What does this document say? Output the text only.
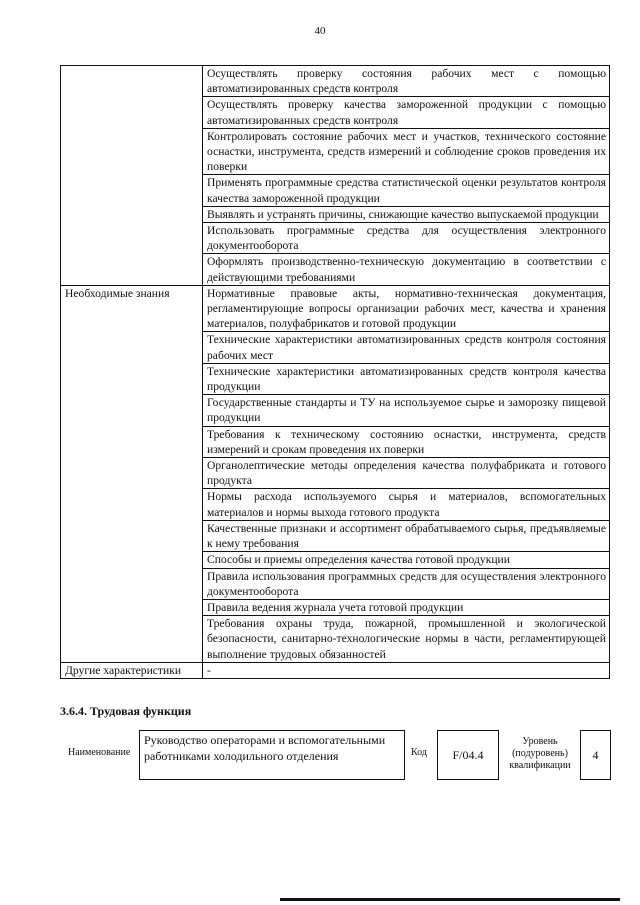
40
	Осуществлять проверку состояния рабочих мест с помощью автоматизированных средств контроля
	Осуществлять проверку качества замороженной продукции с помощью автоматизированных средств контроля
	Контролировать состояние рабочих мест и участков, технического состояние оснастки, инструмента, средств измерений и соблюдение сроков проведения их поверки
	Применять программные средства статистической оценки результатов контроля качества замороженной продукции
	Выявлять и устранять причины, снижающие качество выпускаемой продукции
	Использовать программные средства для осуществления электронного документооборота
	Оформлять производственно-техническую документацию в соответствии с действующими требованиями
Необходимые знания	Нормативные правовые акты, нормативно-техническая документация, регламентирующие вопросы организации рабочих мест, качества и хранения материалов, полуфабрикатов и готовой продукции
	Технические характеристики автоматизированных средств контроля состояния рабочих мест
	Технические характеристики автоматизированных средств контроля качества продукции
	Государственные стандарты и ТУ на используемое сырье и заморозку пищевой продукции
	Требования к техническому состоянию оснастки, инструмента, средств измерений и срокам проведения их поверки
	Органолептические методы определения качества полуфабриката и готового продукта
	Нормы расхода используемого сырья и материалов, вспомогательных материалов и нормы выхода готового продукта
	Качественные признаки и ассортимент обрабатываемого сырья, предъявляемые к нему требования
	Способы и приемы определения качества готовой продукции
	Правила использования программных средств для осуществления электронного документооборота
	Правила ведения журнала учета готовой продукции
	Требования охраны труда, пожарной, промышленной и экологической безопасности, санитарно-технологические нормы в части, регламентирующей выполнение трудовых обязанностей
Другие характеристики	-
3.6.4. Трудовая функция
Наименование
Руководство операторами и вспомогательными работниками холодильного отделения	Код F/04.4
Уровень (подуровень) квалификации
4
